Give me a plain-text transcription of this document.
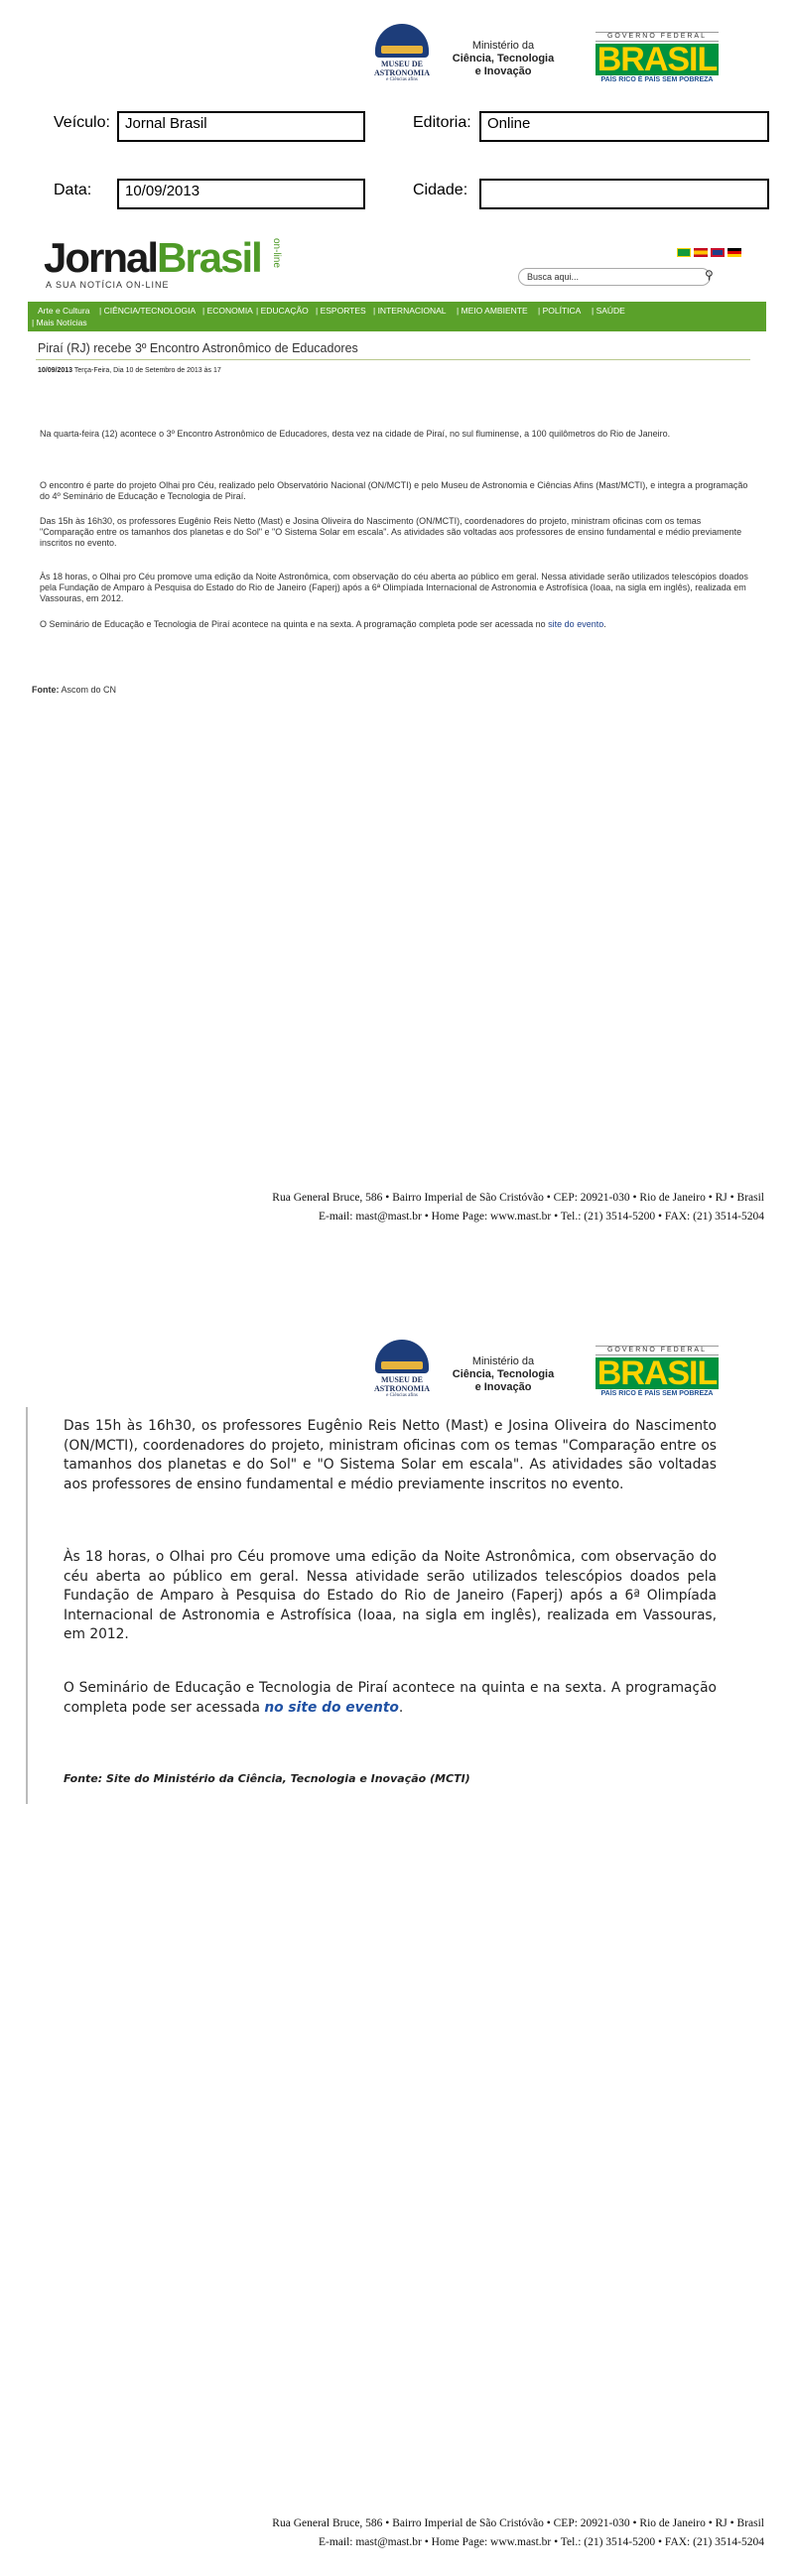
MUSEU DE ASTRONOMIA
e Ciências afins
Ministério da
Ciência, Tecnologia
e Inovação
GOVERNO FEDERAL
BRASIL
PAÍS RICO É PAÍS SEM POBREZA
Veículo:	Jornal Brasil	Editoria:	Online
Data:	10/09/2013	Cidade:
JornalBrasil on-line
A SUA NOTÍCIA ON-LINE
Busca aqui...	⚲
Arte e Cultura | CIÊNCIA/TECNOLOGIA | ECONOMIA | EDUCAÇÃO | ESPORTES | INTERNACIONAL | MEIO AMBIENTE | POLÍTICA | SAÚDE
| Mais Notícias
Piraí (RJ) recebe 3º Encontro Astronômico de Educadores
10/09/2013 Terça-Feira, Dia 10 de Setembro de 2013 às 17
Na quarta-feira (12) acontece o 3º Encontro Astronômico de Educadores, desta vez na cidade de Piraí, no sul fluminense, a 100 quilômetros do Rio de Janeiro.
O encontro é parte do projeto Olhai pro Céu, realizado pelo Observatório Nacional (ON/MCTI) e pelo Museu de Astronomia e Ciências Afins (Mast/MCTI), e integra a programação do 4º Seminário de Educação e Tecnologia de Piraí.
Das 15h às 16h30, os professores Eugênio Reis Netto (Mast) e Josina Oliveira do Nascimento (ON/MCTI), coordenadores do projeto, ministram oficinas com os temas "Comparação entre os tamanhos dos planetas e do Sol" e "O Sistema Solar em escala". As atividades são voltadas aos professores de ensino fundamental e médio previamente inscritos no evento.
Às 18 horas, o Olhai pro Céu promove uma edição da Noite Astronômica, com observação do céu aberta ao público em geral. Nessa atividade serão utilizados telescópios doados pela Fundação de Amparo à Pesquisa do Estado do Rio de Janeiro (Faperj) após a 6ª Olimpíada Internacional de Astronomia e Astrofísica (Ioaa, na sigla em inglês), realizada em Vassouras, em 2012.
O Seminário de Educação e Tecnologia de Piraí acontece na quinta e na sexta. A programação completa pode ser acessada no site do evento.
Fonte: Ascom do CN
Rua General Bruce, 586 • Bairro Imperial de São Cristóvão • CEP: 20921-030 • Rio de Janeiro • RJ • Brasil
E-mail: mast@mast.br • Home Page: www.mast.br • Tel.: (21) 3514-5200 • FAX: (21) 3514-5204
MUSEU DE ASTRONOMIA
e Ciências afins
Ministério da
Ciência, Tecnologia
e Inovação
GOVERNO FEDERAL
BRASIL
PAÍS RICO É PAÍS SEM POBREZA
Das 15h às 16h30, os professores Eugênio Reis Netto (Mast) e Josina Oliveira do Nascimento (ON/MCTI), coordenadores do projeto, ministram oficinas com os temas "Comparação entre os tamanhos dos planetas e do Sol" e "O Sistema Solar em escala". As atividades são voltadas aos professores de ensino fundamental e médio previamente inscritos no evento.
Às 18 horas, o Olhai pro Céu promove uma edição da Noite Astronômica, com observação do céu aberta ao público em geral. Nessa atividade serão utilizados telescópios doados pela Fundação de Amparo à Pesquisa do Estado do Rio de Janeiro (Faperj) após a 6ª Olimpíada Internacional de Astronomia e Astrofísica (Ioaa, na sigla em inglês), realizada em Vassouras, em 2012.
O Seminário de Educação e Tecnologia de Piraí acontece na quinta e na sexta. A programação completa pode ser acessada no site do evento.
Fonte: Site do Ministério da Ciência, Tecnologia e Inovação (MCTI)
Rua General Bruce, 586 • Bairro Imperial de São Cristóvão • CEP: 20921-030 • Rio de Janeiro • RJ • Brasil
E-mail: mast@mast.br • Home Page: www.mast.br • Tel.: (21) 3514-5200 • FAX: (21) 3514-5204
